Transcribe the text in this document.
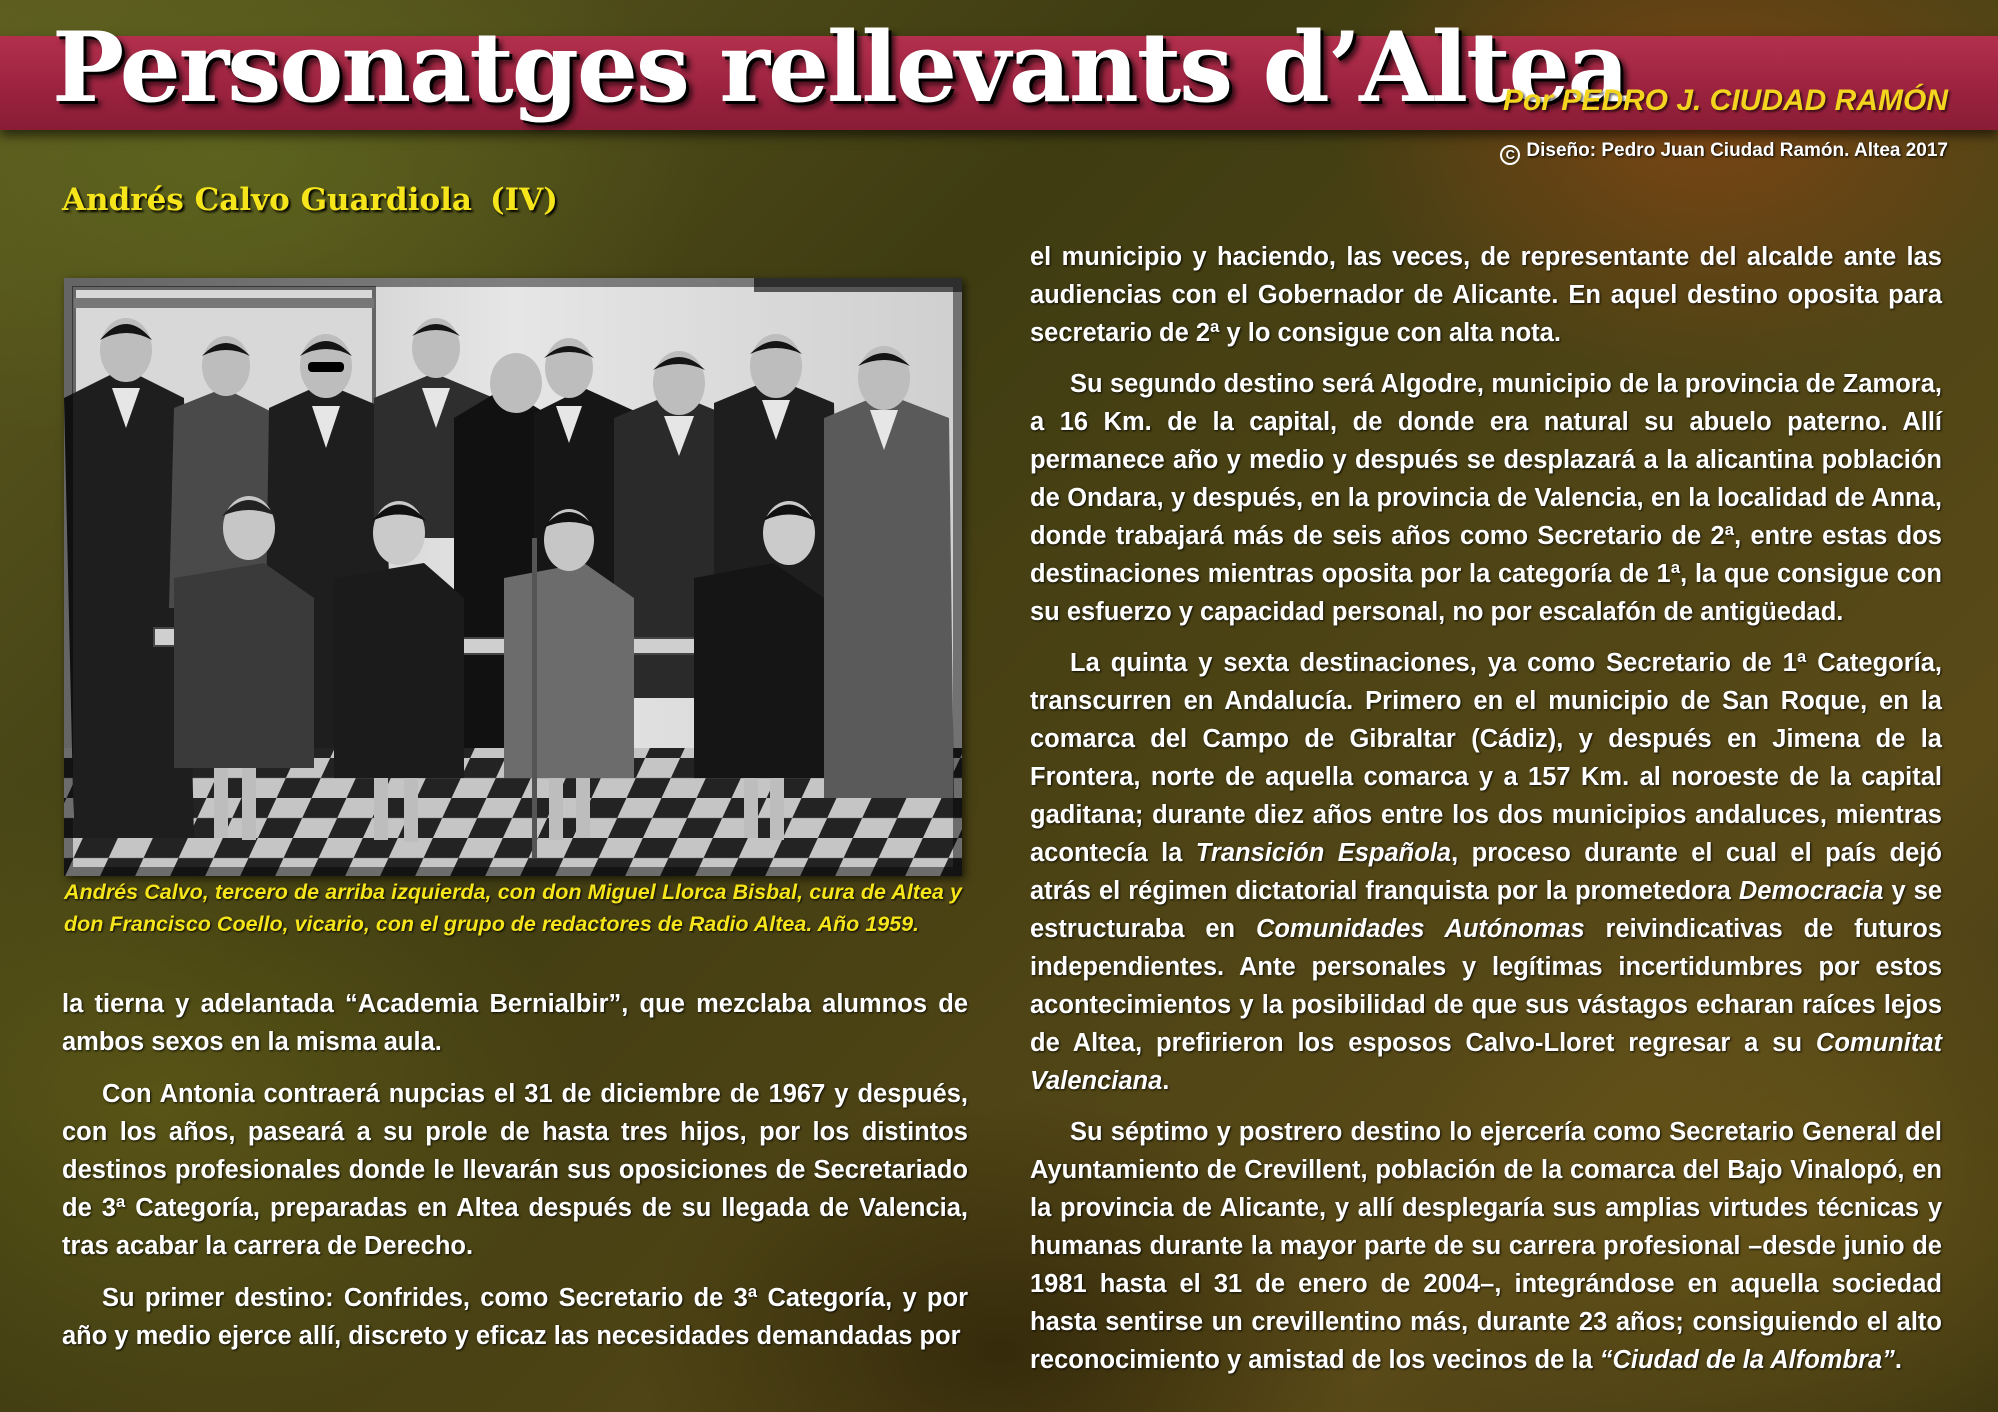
Personatges rellevants d’Altea
Por PEDRO J. CIUDAD RAMÓN
C Diseño: Pedro Juan Ciudad Ramón. Altea 2017
Andrés Calvo Guardiola (IV)
Andrés Calvo, tercero de arriba izquierda, con don Miguel Llorca Bisbal, cura de Altea y don Francisco Coello, vicario, con el grupo de redactores de Radio Altea. Año 1959.

la tierna y adelantada “Academia Bernialbir”, que mezclaba alumnos de ambos sexos en la misma aula.

Con Antonia contraerá nupcias el 31 de diciembre de 1967 y después, con los años, paseará a su prole de hasta tres hijos, por los distintos destinos profesionales donde le llevarán sus oposiciones de Secretariado de 3ª Categoría, preparadas en Altea después de su llegada de Valencia, tras acabar la carrera de Derecho.

Su primer destino: Confrides, como Secretario de 3ª Categoría, y por año y medio ejerce allí, discreto y eficaz las necesidades demandadas por

el municipio y haciendo, las veces, de representante del alcalde ante las audiencias con el Gobernador de Alicante. En aquel destino oposita para secretario de 2ª y lo consigue con alta nota.

Su segundo destino será Algodre, municipio de la provincia de Zamora, a 16 Km. de la capital, de donde era natural su abuelo paterno. Allí permanece año y medio y después se desplazará a la alicantina población de Ondara, y después, en la provincia de Valencia, en la localidad de Anna, donde trabajará más de seis años como Secretario de 2ª, entre estas dos destinaciones mientras oposita por la categoría de 1ª, la que consigue con su esfuerzo y capacidad personal, no por escalafón de antigüedad.

La quinta y sexta destinaciones, ya como Secretario de 1ª Categoría, transcurren en Andalucía. Primero en el municipio de San Roque, en la comarca del Campo de Gibraltar (Cádiz), y después en Jimena de la Frontera, norte de aquella comarca y a 157 Km. al noroeste de la capital gaditana; durante diez años entre los dos municipios andaluces, mientras acontecía la Transición Española, proceso durante el cual el país dejó atrás el régimen dictatorial franquista por la prometedora Democracia y se estructuraba en Comunidades Autónomas reivindicativas de futuros independientes. Ante personales y legítimas incertidumbres por estos acontecimientos y la posibilidad de que sus vástagos echaran raíces lejos de Altea, prefirieron los esposos Calvo-Lloret regresar a su Comunitat Valenciana.

Su séptimo y postrero destino lo ejercería como Secretario General del Ayuntamiento de Crevillent, población de la comarca del Bajo Vinalopó, en la provincia de Alicante, y allí desplegaría sus amplias virtudes técnicas y humanas durante la mayor parte de su carrera profesional –desde junio de 1981 hasta el 31 de enero de 2004–, integrándose en aquella sociedad hasta sentirse un crevillentino más, durante 23 años; consiguiendo el alto reconocimiento y amistad de los vecinos de la “Ciudad de la Alfombra”.
